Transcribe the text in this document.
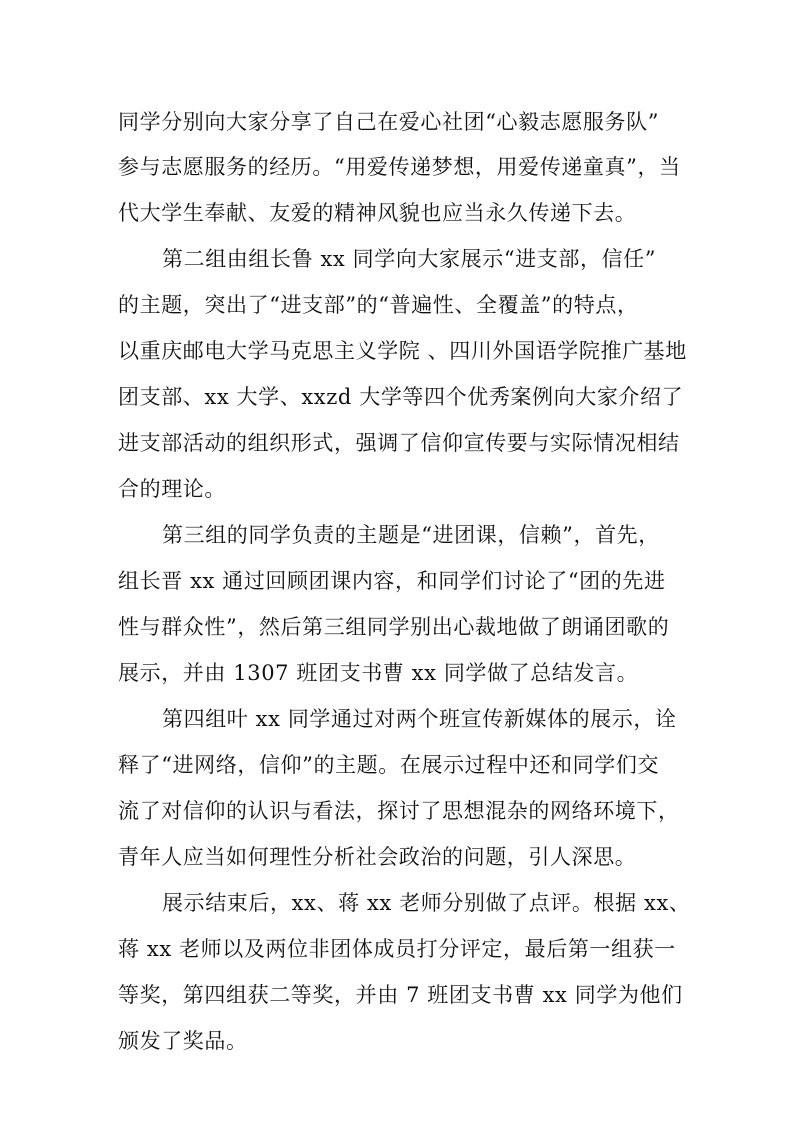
同学分别向大家分享了自己在爱心社团“心毅志愿服务队”
参与志愿服务的经历。“用爱传递梦想，用爱传递童真”，当
代大学生奉献、友爱的精神风貌也应当永久传递下去。
第二组由组长鲁 xx 同学向大家展示“进支部，信任”
的主题，突出了“进支部”的“普遍性、全覆盖”的特点，
以重庆邮电大学马克思主义学院 、四川外国语学院推广基地
团支部、xx 大学、xxzd 大学等四个优秀案例向大家介绍了
进支部活动的组织形式，强调了信仰宣传要与实际情况相结
合的理论。
第三组的同学负责的主题是“进团课，信赖”，首先，
组长晋 xx 通过回顾团课内容，和同学们讨论了“团的先进
性与群众性”，然后第三组同学别出心裁地做了朗诵团歌的
展示，并由 1307 班团支书曹 xx 同学做了总结发言。
第四组叶 xx 同学通过对两个班宣传新媒体的展示，诠
释了“进网络，信仰”的主题。在展示过程中还和同学们交
流了对信仰的认识与看法，探讨了思想混杂的网络环境下，
青年人应当如何理性分析社会政治的问题，引人深思。
展示结束后，xx、蒋 xx 老师分别做了点评。根据 xx、
蒋 xx 老师以及两位非团体成员打分评定，最后第一组获一
等奖，第四组获二等奖，并由 7 班团支书曹 xx 同学为他们
颁发了奖品。
